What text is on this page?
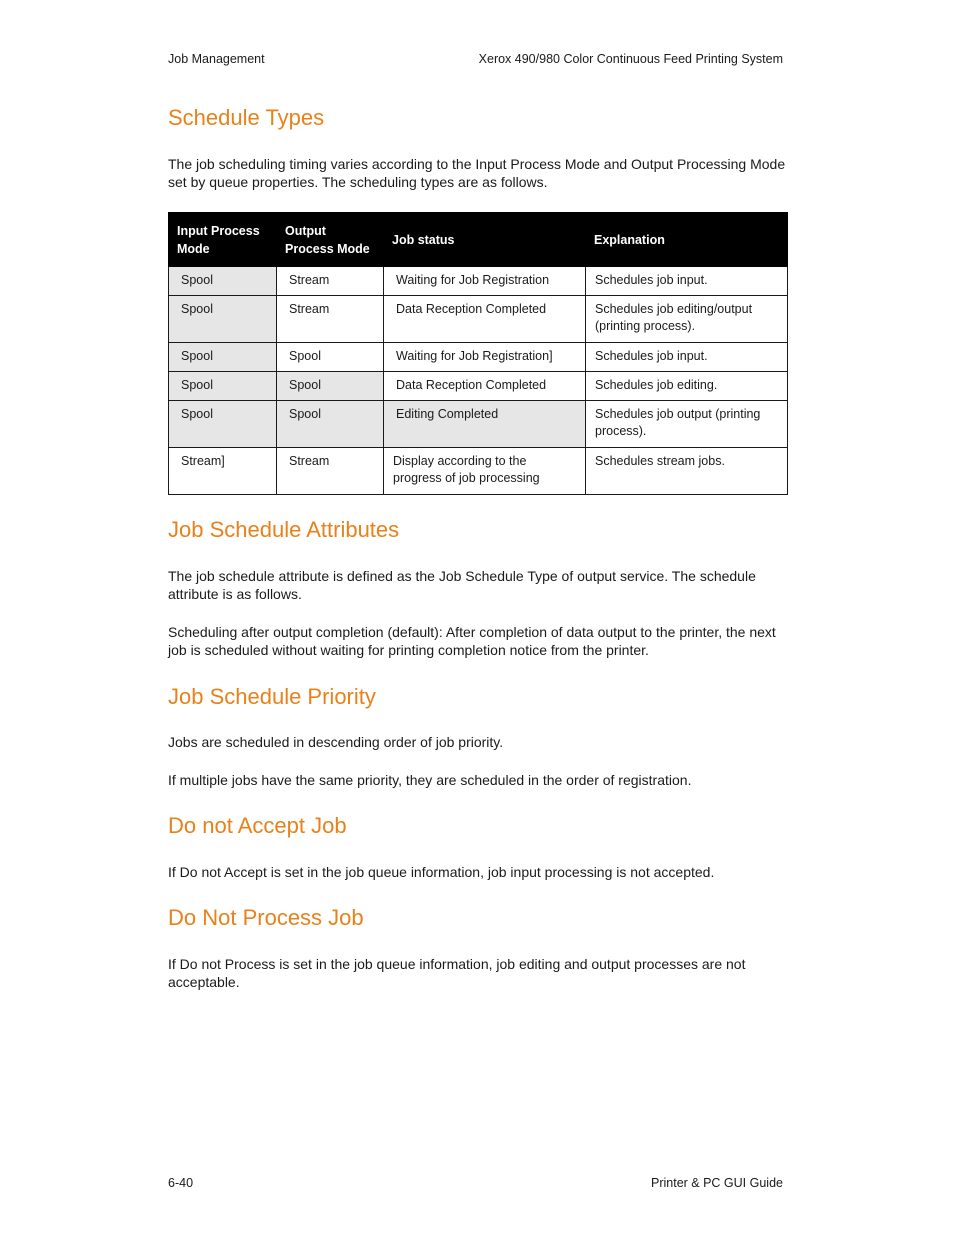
Job Management	Xerox 490/980 Color Continuous Feed Printing System
Schedule Types

The job scheduling timing varies according to the Input Process Mode and Output Processing Mode set by queue properties. The scheduling types are as follows.

Input Process Mode	Output Process Mode	Job status	Explanation
Spool	Stream	Waiting for Job Registration	Schedules job input.
Spool	Stream	Data Reception Completed	Schedules job editing/output (printing process).
Spool	Spool	Waiting for Job Registration]	Schedules job input.
Spool	Spool	Data Reception Completed	Schedules job editing.
Spool	Spool	Editing Completed	Schedules job output (printing process).
Stream]	Stream	Display according to the progress of job processing	Schedules stream jobs.
Job Schedule Attributes

The job schedule attribute is defined as the Job Schedule Type of output service. The schedule attribute is as follows.

Scheduling after output completion (default): After completion of data output to the printer, the next job is scheduled without waiting for printing completion notice from the printer.

Job Schedule Priority

Jobs are scheduled in descending order of job priority.

If multiple jobs have the same priority, they are scheduled in the order of registration.

Do not Accept Job

If Do not Accept is set in the job queue information, job input processing is not accepted.

Do Not Process Job

If Do not Process is set in the job queue information, job editing and output processes are not acceptable.

6-40	Printer & PC GUI Guide
